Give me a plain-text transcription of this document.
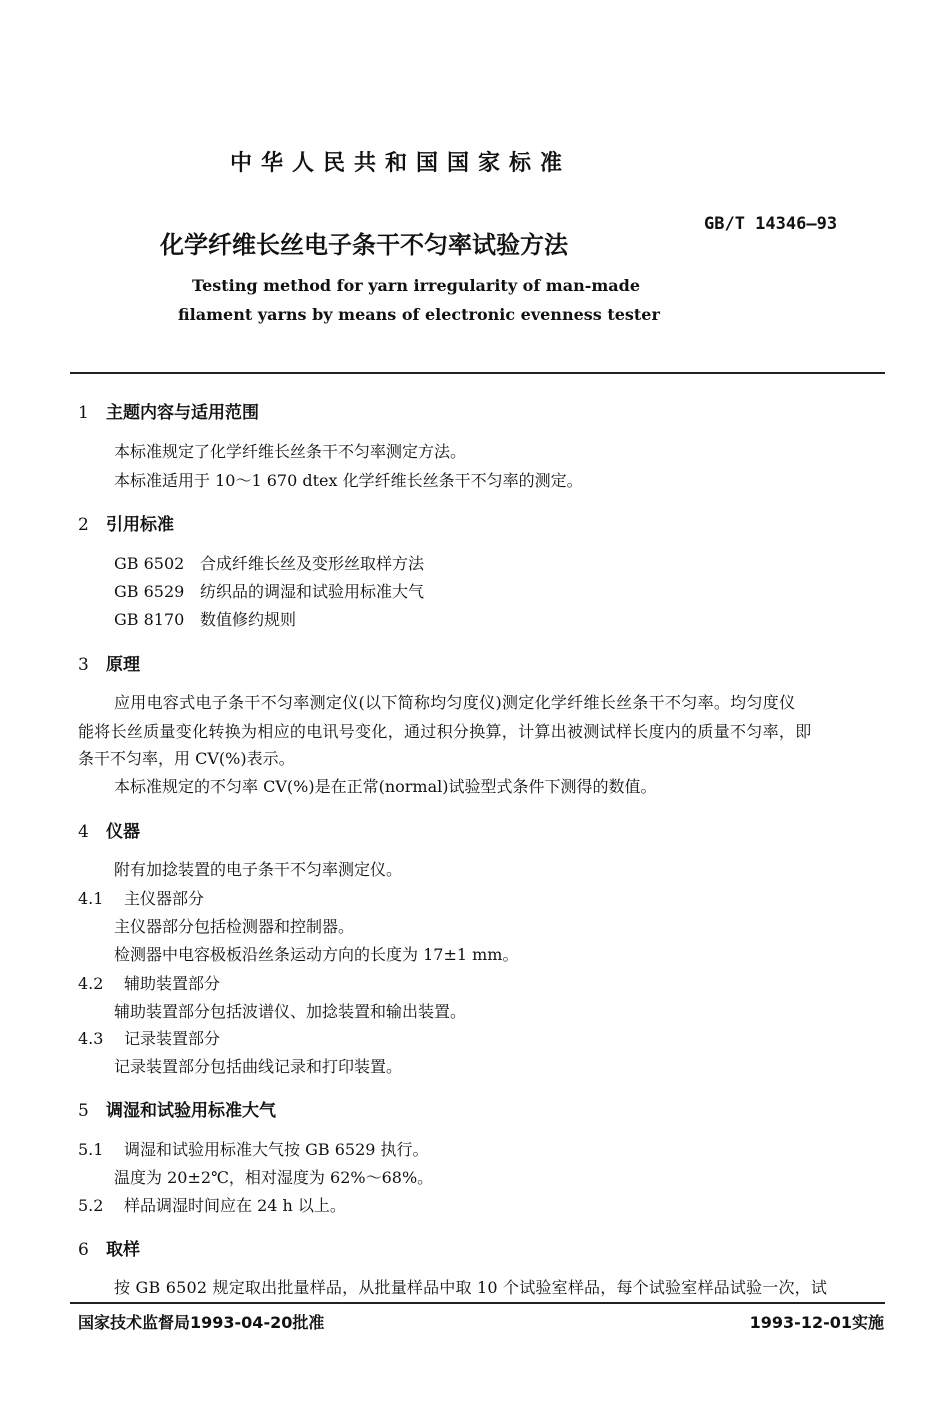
中华人民共和国国家标准
化学纤维长丝电子条干不匀率试验方法
GB/T 14346—93
Testing method for yarn irregularity of man-made
filament yarns by means of electronic evenness tester
1 主题内容与适用范围
本标准规定了化学纤维长丝条干不匀率测定方法。
本标准适用于 10～1 670 dtex 化学纤维长丝条干不匀率的测定。
2 引用标准
GB 6502 合成纤维长丝及变形丝取样方法
GB 6529 纺织品的调湿和试验用标准大气
GB 8170 数值修约规则
3 原理
应用电容式电子条干不匀率测定仪(以下简称均匀度仪)测定化学纤维长丝条干不匀率。均匀度仪
能将长丝质量变化转换为相应的电讯号变化，通过积分换算，计算出被测试样长度内的质量不匀率，即
条干不匀率，用 CV(%)表示。
本标准规定的不匀率 CV(%)是在正常(normal)试验型式条件下测得的数值。
4 仪器
附有加捻装置的电子条干不匀率测定仪。
4.1 主仪器部分
主仪器部分包括检测器和控制器。
检测器中电容极板沿丝条运动方向的长度为 17±1 mm。
4.2 辅助装置部分
辅助装置部分包括波谱仪、加捻装置和输出装置。
4.3 记录装置部分
记录装置部分包括曲线记录和打印装置。
5 调湿和试验用标准大气
5.1 调湿和试验用标准大气按 GB 6529 执行。
温度为 20±2℃，相对湿度为 62%～68%。
5.2 样品调湿时间应在 24 h 以上。
6 取样
按 GB 6502 规定取出批量样品，从批量样品中取 10 个试验室样品，每个试验室样品试验一次，试
国家技术监督局1993-04-20批准	1993-12-01实施
